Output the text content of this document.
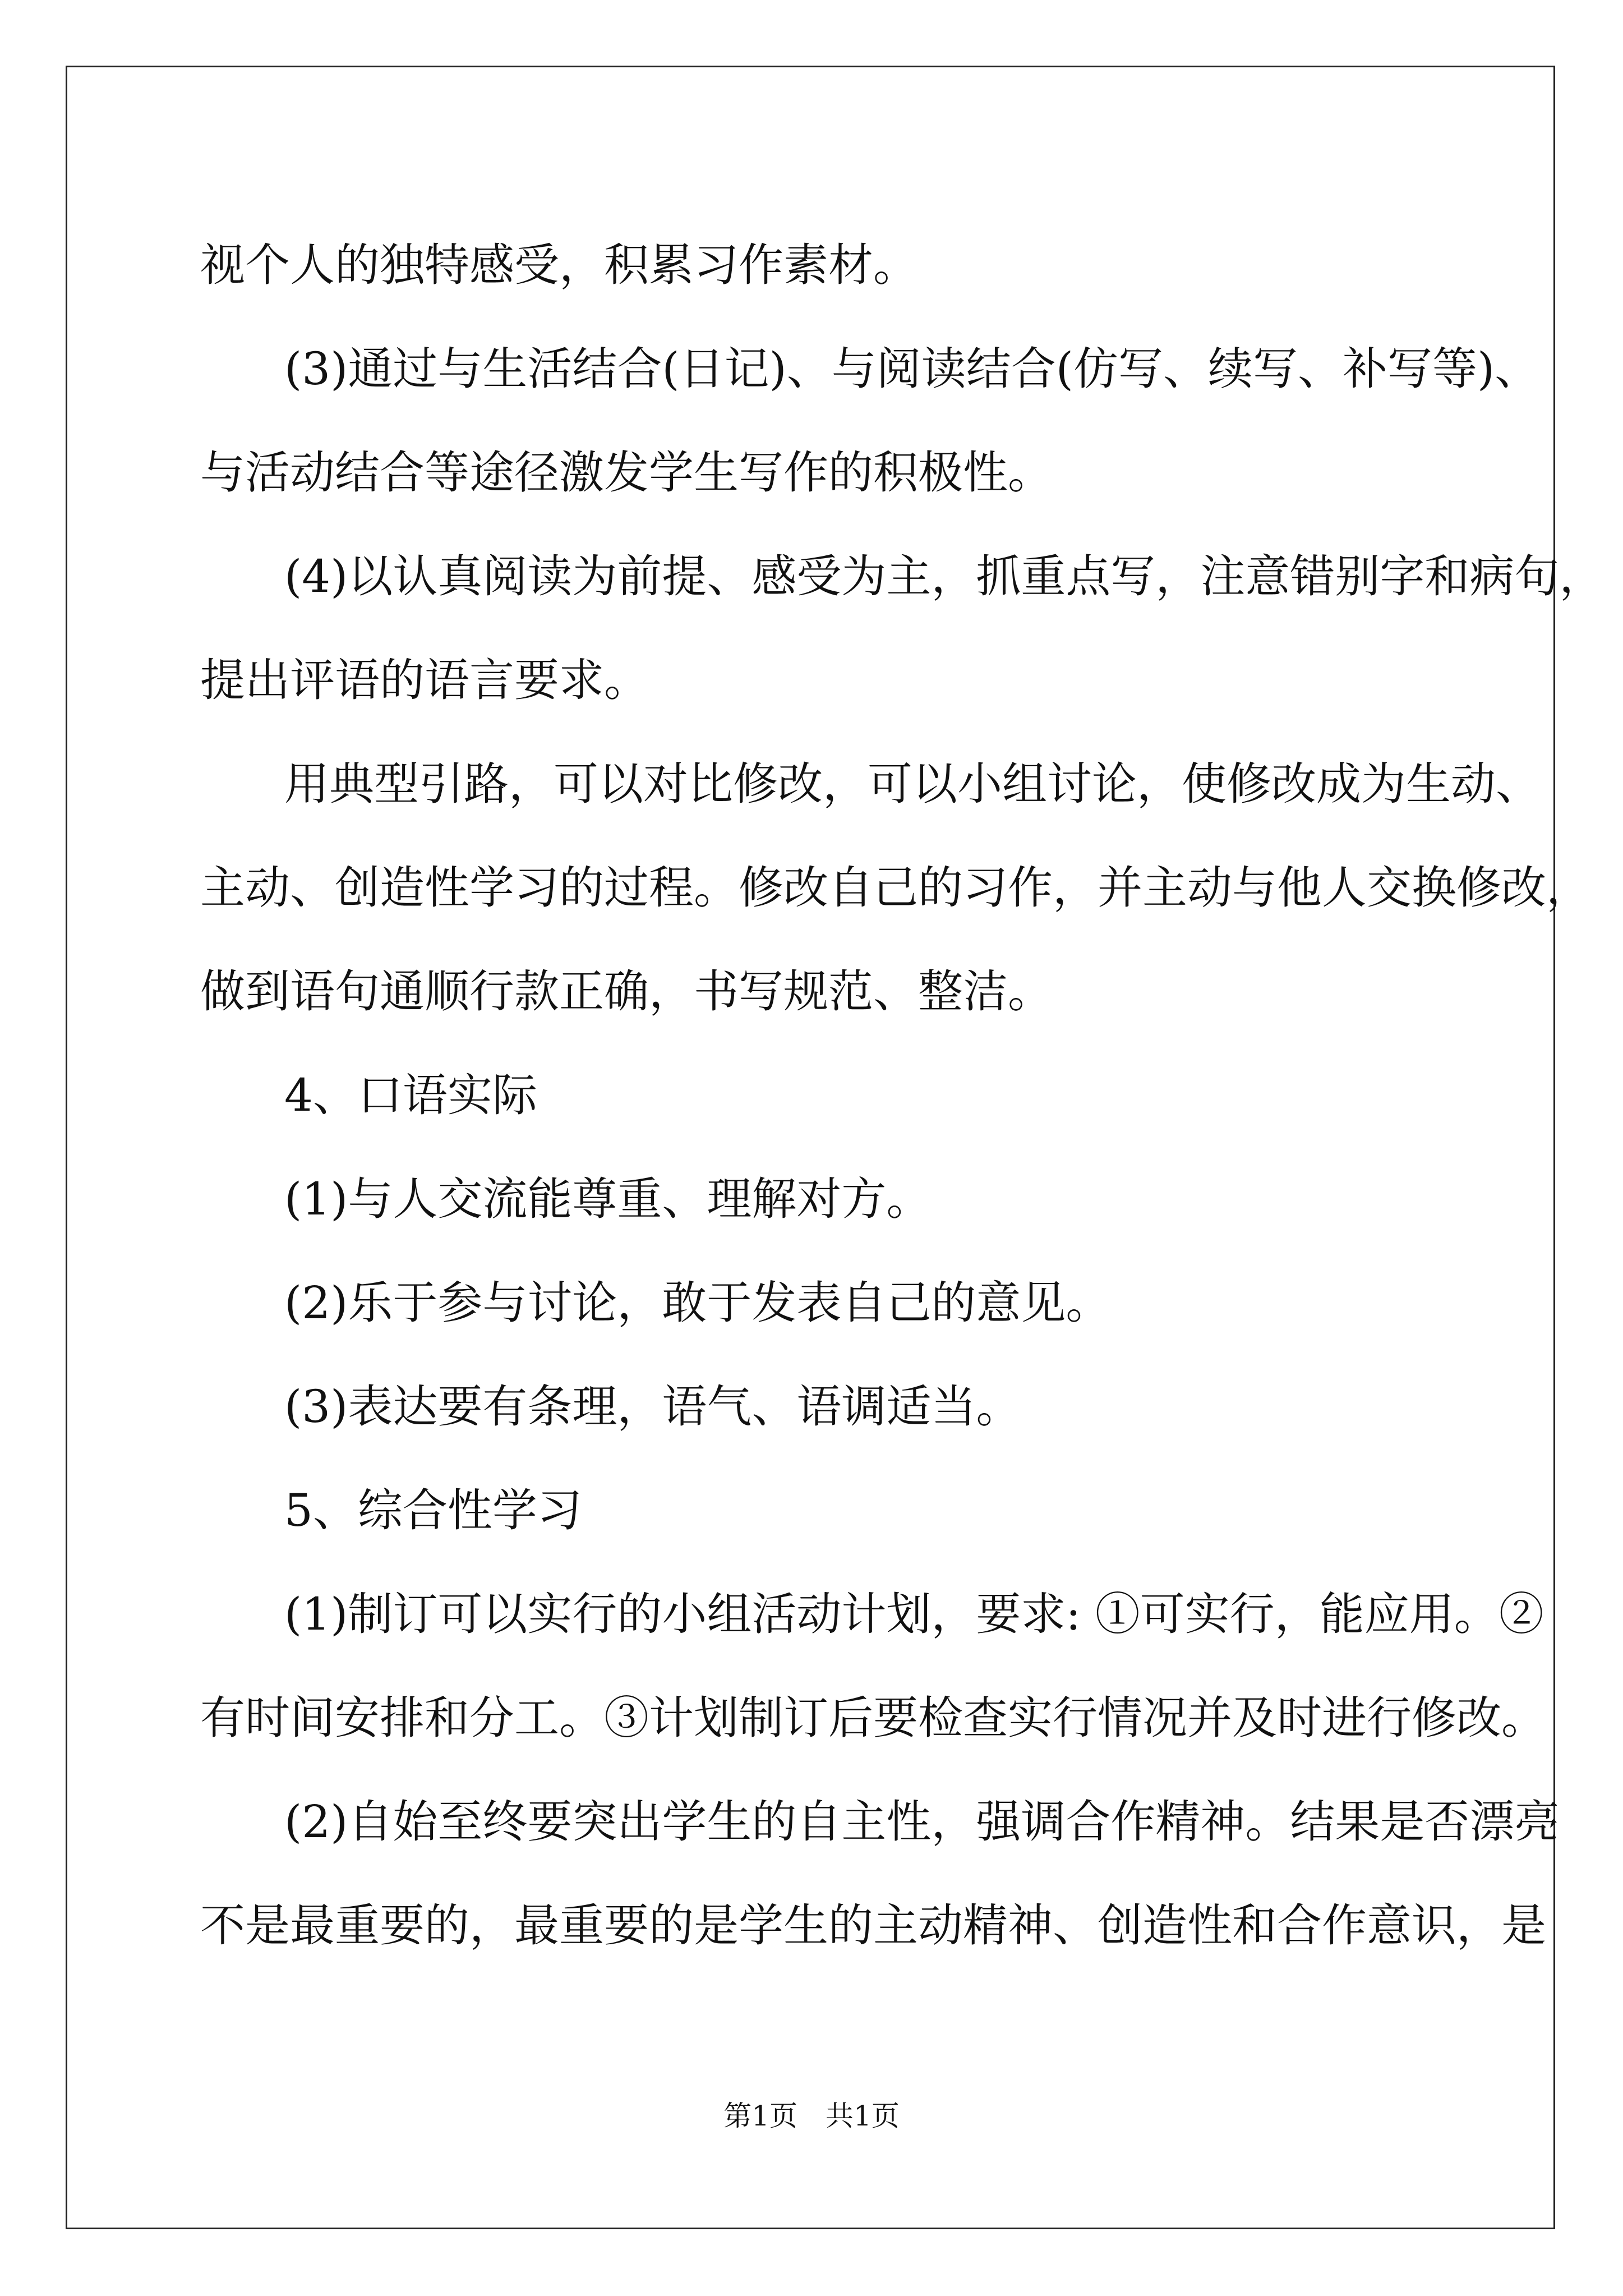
视个人的独特感受，积累习作素材。

(3)通过与生活结合(日记)、与阅读结合(仿写、续写、补写等)、

与活动结合等途径激发学生写作的积极性。

(4)以认真阅读为前提、感受为主，抓重点写，注意错别字和病句，

提出评语的语言要求。

用典型引路，可以对比修改，可以小组讨论，使修改成为生动、

主动、创造性学习的过程。修改自己的习作，并主动与他人交换修改，

做到语句通顺行款正确，书写规范、整洁。

4、口语实际

(1)与人交流能尊重、理解对方。

(2)乐于参与讨论，敢于发表自己的意见。

(3)表达要有条理，语气、语调适当。

5、综合性学习

(1)制订可以实行的小组活动计划，要求: ①可实行，能应用。②

有时间安排和分工。③计划制订后要检查实行情况并及时进行修改。

(2)自始至终要突出学生的自主性，强调合作精神。结果是否漂亮

不是最重要的，最重要的是学生的主动精神、创造性和合作意识，是

第1页　共1页
